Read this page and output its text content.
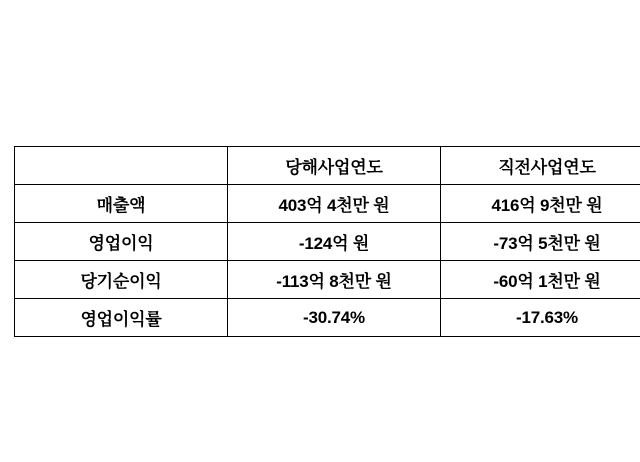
	당해사업연도	직전사업연도
매출액	403억 4천만 원	416억 9천만 원
영업이익	-124억 원	-73억 5천만 원
당기순이익	-113억 8천만 원	-60억 1천만 원
영업이익률	-30.74%	-17.63%
